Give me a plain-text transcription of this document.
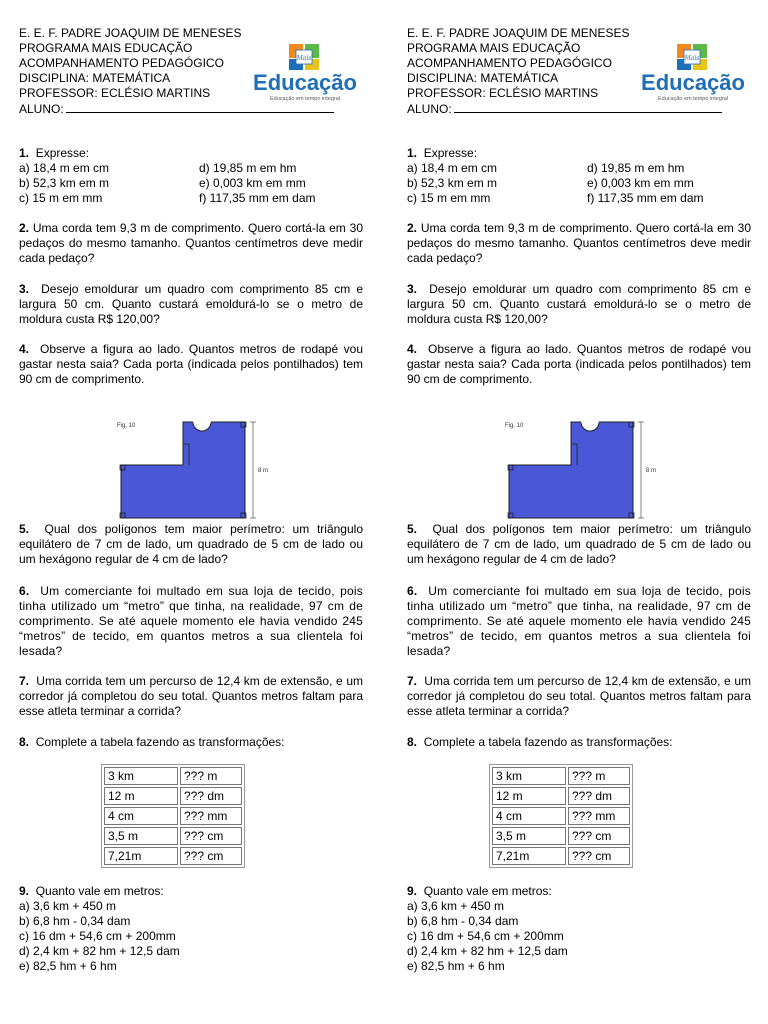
E. E. F. PADRE JOAQUIM DE MENESES
PROGRAMA MAIS EDUCAÇÃO
ACOMPANHAMENTO PEDAGÓGICO
DISCIPLINA: MATEMÁTICA
PROFESSOR: ECLÉSIO MARTINS
ALUNO:
Mais
Educação
Educação em tempo integral

1. Expresse:

a) 18,4 m em cm	d) 19,85 m em hm
b) 52,3 km em m	e) 0,003 km em mm
c) 15 m em mm	f) 117,35 mm em dam

2. Uma corda tem 9,3 m de comprimento. Quero cortá-la em 30 pedaços do mesmo tamanho. Quantos centímetros deve medir cada pedaço?

3. Desejo emoldurar um quadro com comprimento 85 cm e largura 50 cm. Quanto custará emoldurá-lo se o metro de moldura custa R$ 120,00?

4. Observe a figura ao lado. Quantos metros de rodapé vou gastar nesta saia? Cada porta (indicada pelos pontilhados) tem 90 cm de comprimento.

Fig. 10
8 m

5. Qual dos polígonos tem maior perímetro: um triângulo equilátero de 7 cm de lado, um quadrado de 5 cm de lado ou um hexágono regular de 4 cm de lado?

6. Um comerciante foi multado em sua loja de tecido, pois tinha utilizado um “metro” que tinha, na realidade, 97 cm de comprimento. Se até aquele momento ele havia vendido 245 “metros” de tecido, em quantos metros a sua clientela foi lesada?

7. Uma corrida tem um percurso de 12,4 km de extensão, e um corredor já completou do seu total. Quantos metros faltam para esse atleta terminar a corrida?

8. Complete a tabela fazendo as transformações:

3 km	??? m
12 m	??? dm
4 cm	??? mm
3,5 m	??? cm
7,21m	??? cm

9. Quanto vale em metros:

a) 3,6 km + 450 m
b) 6,8 hm - 0,34 dam
c) 16 dm + 54,6 cm + 200mm
d) 2,4 km + 82 hm + 12,5 dam
e) 82,5 hm + 6 hm
E. E. F. PADRE JOAQUIM DE MENESES
PROGRAMA MAIS EDUCAÇÃO
ACOMPANHAMENTO PEDAGÓGICO
DISCIPLINA: MATEMÁTICA
PROFESSOR: ECLÉSIO MARTINS
ALUNO:
Mais
Educação
Educação em tempo integral

1. Expresse:

a) 18,4 m em cm	d) 19,85 m em hm
b) 52,3 km em m	e) 0,003 km em mm
c) 15 m em mm	f) 117,35 mm em dam

2. Uma corda tem 9,3 m de comprimento. Quero cortá-la em 30 pedaços do mesmo tamanho. Quantos centímetros deve medir cada pedaço?

3. Desejo emoldurar um quadro com comprimento 85 cm e largura 50 cm. Quanto custará emoldurá-lo se o metro de moldura custa R$ 120,00?

4. Observe a figura ao lado. Quantos metros de rodapé vou gastar nesta saia? Cada porta (indicada pelos pontilhados) tem 90 cm de comprimento.

Fig. 10
8 m

5. Qual dos polígonos tem maior perímetro: um triângulo equilátero de 7 cm de lado, um quadrado de 5 cm de lado ou um hexágono regular de 4 cm de lado?

6. Um comerciante foi multado em sua loja de tecido, pois tinha utilizado um “metro” que tinha, na realidade, 97 cm de comprimento. Se até aquele momento ele havia vendido 245 “metros” de tecido, em quantos metros a sua clientela foi lesada?

7. Uma corrida tem um percurso de 12,4 km de extensão, e um corredor já completou do seu total. Quantos metros faltam para esse atleta terminar a corrida?

8. Complete a tabela fazendo as transformações:

3 km	??? m
12 m	??? dm
4 cm	??? mm
3,5 m	??? cm
7,21m	??? cm

9. Quanto vale em metros:

a) 3,6 km + 450 m
b) 6,8 hm - 0,34 dam
c) 16 dm + 54,6 cm + 200mm
d) 2,4 km + 82 hm + 12,5 dam
e) 82,5 hm + 6 hm
